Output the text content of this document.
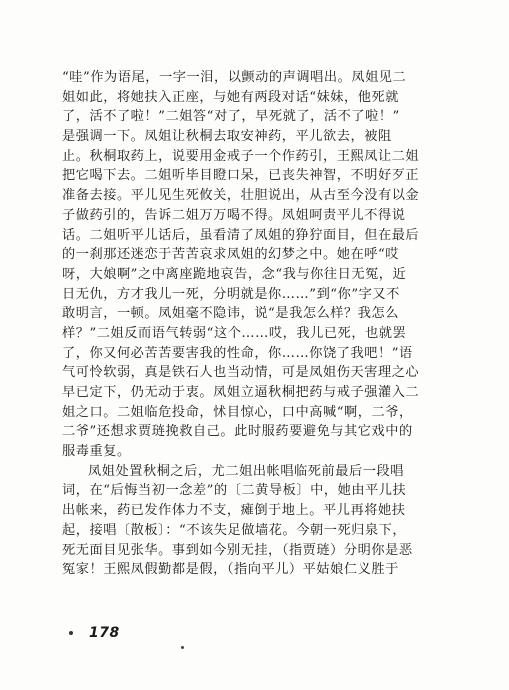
“哇”作为语尾，一字一泪，以颤动的声调唱出。凤姐见二
姐如此，将她扶入正座，与她有两段对话“妹妹，他死就
了，活不了啦！”二姐答“对了，早死就了，活不了啦！”
是强调一下。凤姐让秋桐去取安神药，平儿欲去，被阻
止。秋桐取药上，说要用金戒子一个作药引，王熙凤让二姐
把它喝下去。二姐听毕目瞪口呆，已丧失神智，不明好歹正
准备去接。平儿见生死攸关，壮胆说出，从古至今没有以金
子做药引的，告诉二姐万万喝不得。凤姐呵责平儿不得说
话。二姐听平儿话后，虽看清了凤姐的狰狞面目，但在最后
的一刹那还迷恋于苦苦哀求凤姐的幻梦之中。她在呼“哎
呀，大娘啊”之中离座跪地哀告，念“我与你往日无冤，近
日无仇，方才我儿一死，分明就是你……”到“你”字又不
敢明言，一顿。凤姐毫不隐讳，说“是我怎么样？我怎么
样？”二姐反而语气转弱“这个……哎，我儿已死，也就罢
了，你又何必苦苦要害我的性命，你……你饶了我吧！”语
气可怜软弱，真是铁石人也当动情，可是凤姐伤天害理之心
早已定下，仍无动于衷。凤姐立逼秋桐把药与戒子强灌入二
姐之口。二姐临危投命，怵目惊心，口中高喊“啊，二爷，
二爷”还想求贾琏挽救自己。此时服药要避免与其它戏中的
服毒重复。
凤姐处置秋桐之后，尤二姐出帐唱临死前最后一段唱
词，在“后悔当初一念差”的〔二黄导板〕中，她由平儿扶
出帐来，药已发作体力不支，瘫倒于地上。平儿再将她扶
起，接唱〔散板〕：“不该失足做墙花。今朝一死归泉下，
死无面目见张华。事到如今别无挂，（指贾琏）分明你是恶
冤家！王熙凤假勤都是假，（指向平儿）平姑娘仁义胜于
178
